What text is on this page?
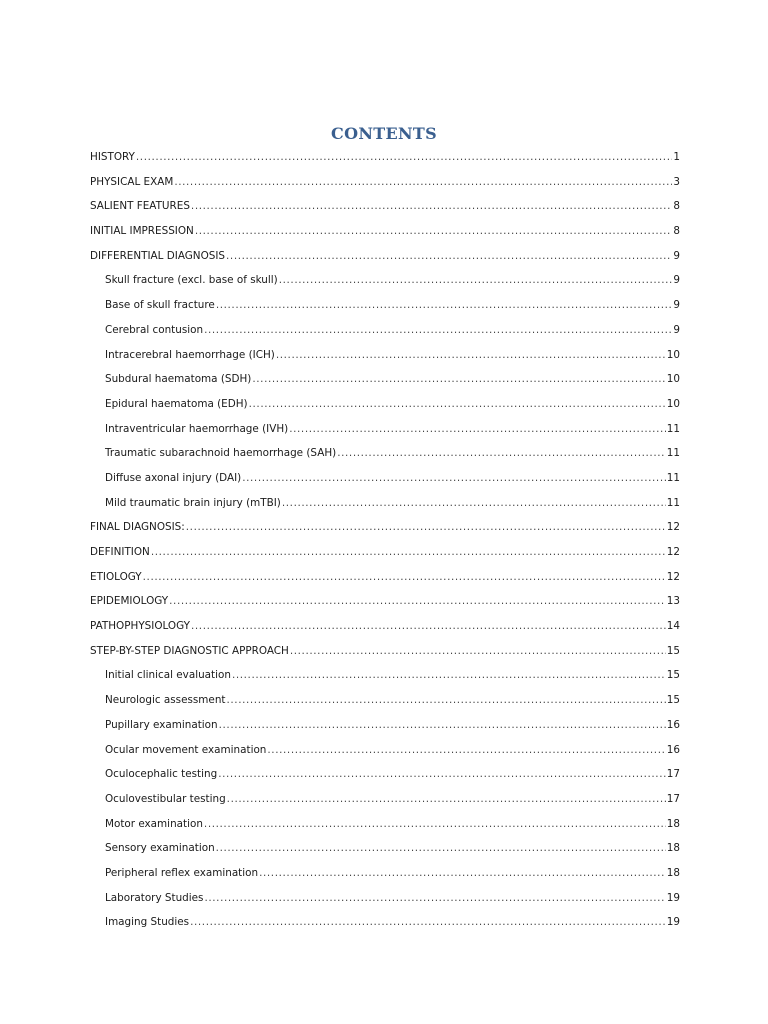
CONTENTS
HISTORY .....	1
PHYSICAL EXAM .....	3
SALIENT FEATURES .....	8
INITIAL IMPRESSION .....	8
DIFFERENTIAL DIAGNOSIS .....	9
Skull fracture (excl. base of skull) .....	9
Base of skull fracture .....	9
Cerebral contusion .....	9
Intracerebral haemorrhage (ICH) .....	10
Subdural haematoma (SDH) .....	10
Epidural haematoma (EDH) .....	10
Intraventricular haemorrhage (IVH) .....	11
Traumatic subarachnoid haemorrhage (SAH) .....	11
Diffuse axonal injury (DAI) .....	11
Mild traumatic brain injury (mTBI) .....	11
FINAL DIAGNOSIS: .....	12
DEFINITION .....	12
ETIOLOGY .....	12
EPIDEMIOLOGY .....	13
PATHOPHYSIOLOGY .....	14
STEP-BY-STEP DIAGNOSTIC APPROACH .....	15
Initial clinical evaluation .....	15
Neurologic assessment .....	15
Pupillary examination .....	16
Ocular movement examination .....	16
Oculocephalic testing .....	17
Oculovestibular testing .....	17
Motor examination .....	18
Sensory examination .....	18
Peripheral reflex examination .....	18
Laboratory Studies .....	19
Imaging Studies .....	19
